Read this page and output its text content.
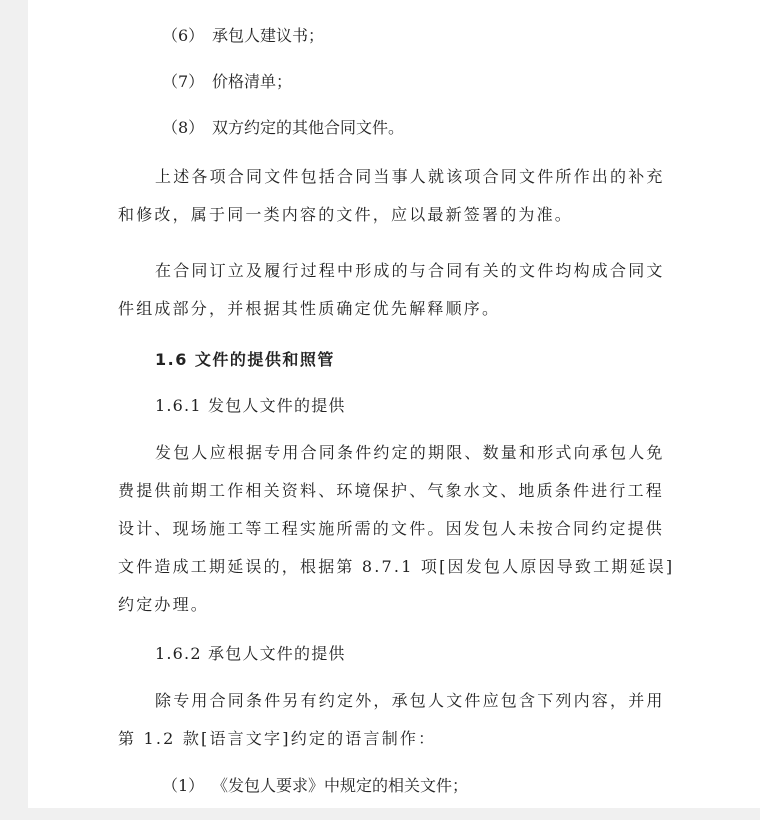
（6） 承包人建议书；
（7） 价格清单；
（8） 双方约定的其他合同文件。

上述各项合同文件包括合同当事人就该项合同文件所作出的补充和修改，属于同一类内容的文件，应以最新签署的为准。

在合同订立及履行过程中形成的与合同有关的文件均构成合同文件组成部分，并根据其性质确定优先解释顺序。

1.6 文件的提供和照管
1.6.1 发包人文件的提供

发包人应根据专用合同条件约定的期限、数量和形式向承包人免费提供前期工作相关资料、环境保护、气象水文、地质条件进行工程设计、现场施工等工程实施所需的文件。因发包人未按合同约定提供文件造成工期延误的，根据第 8.7.1 项[因发包人原因导致工期延误]约定办理。

1.6.2 承包人文件的提供

除专用合同条件另有约定外，承包人文件应包含下列内容，并用第 1.2 款[语言文字]约定的语言制作：

（1） 《发包人要求》中规定的相关文件；
